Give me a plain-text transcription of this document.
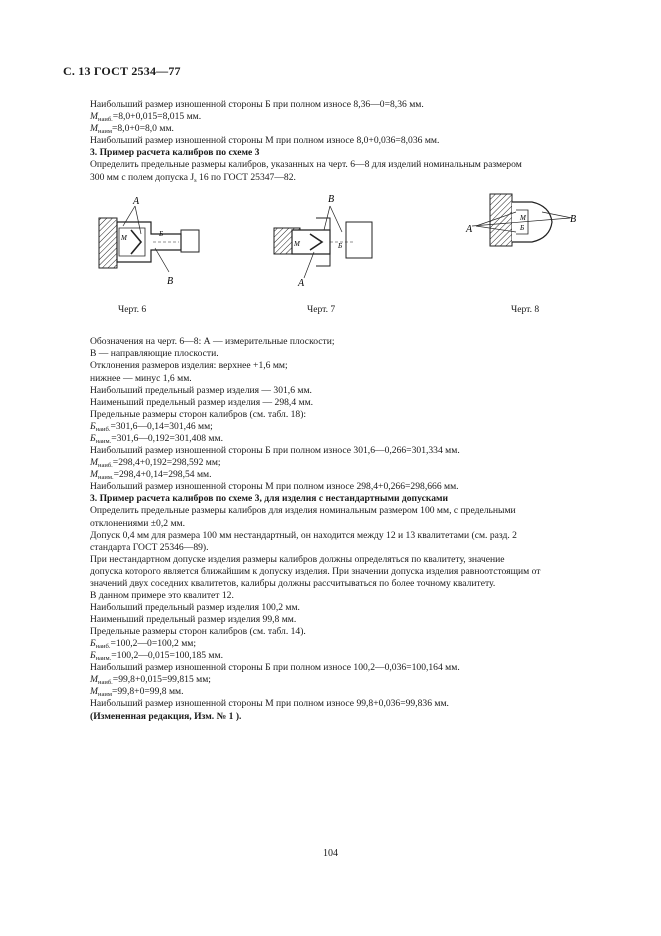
С. 13 ГОСТ 2534—77
Наибольший размер изношенной стороны Б при полном износе 8,36—0=8,36 мм.
$M_{наиб.}=8,0+0,015=8,015$ мм.
$M_{наим}=8,0+0=8,0$ мм.
Наибольший размер изношенной стороны М при полном износе 8,0+0,036=8,036 мм.
3. Пример расчета калибров по схеме 3
Определить предельные размеры калибров, указанных на черт. 6—8 для изделий номинальным размером
300 мм с полем допуска $J_s$ 16 по ГОСТ 25347—82.
А
В
М	Б
Черт. 6
В
А
М	Б
Черт. 7
А
В
М
Б
Черт. 8
Обозначения на черт. 6—8: А — измерительные плоскости;
В — направляющие плоскости.
Отклонения размеров изделия: верхнее +1,6 мм;
нижнее — минус 1,6 мм.
Наибольший предельный размер изделия — 301,6 мм.
Наименьший предельный размер изделия — 298,4 мм.
Предельные размеры сторон калибров (см. табл. 18):
$Б_{наиб.}=301,6—0,14=301,46$ мм;
$Б_{наим.}=301,6—0,192=301,408$ мм.
Наибольший размер изношенной стороны Б при полном износе 301,6—0,266=301,334 мм.
$M_{наиб.}=298,4+0,192=298,592$ мм;
$M_{наим.}=298,4+0,14=298,54$ мм.
Наибольший размер изношенной стороны М при полном износе 298,4+0,266=298,666 мм.
3. Пример расчета калибров по схеме 3, для изделия с нестандартными допусками
Определить предельные размеры калибров для изделия номинальным размером 100 мм, с предельными
отклонениями ±0,2 мм.
Допуск 0,4 мм для размера 100 мм нестандартный, он находится между 12 и 13 квалитетами (см. разд. 2
стандарта ГОСТ 25346—89).
При нестандартном допуске изделия размеры калибров должны определяться по квалитету, значение
допуска которого является ближайшим к допуску изделия. При значении допуска изделия равноотстоящим от
значений двух соседних квалитетов, калибры должны рассчитываться по более точному квалитету.
В данном примере это квалитет 12.
Наибольший предельный размер изделия 100,2 мм.
Наименьший предельный размер изделия 99,8 мм.
Предельные размеры сторон калибров (см. табл. 14).
$Б_{наиб.}=100,2—0=100,2$ мм;
$Б_{наим.}=100,2—0,015=100,185$ мм.
Наибольший размер изношенной стороны Б при полном износе 100,2—0,036=100,164 мм.
$M_{наиб.}=99,8+0,015=99,815$ мм;
$M_{наим}=99,8+0=99,8$ мм.
Наибольший размер изношенной стороны М при полном износе 99,8+0,036=99,836 мм.
(Измененная редакция, Изм. № 1 ).
104
